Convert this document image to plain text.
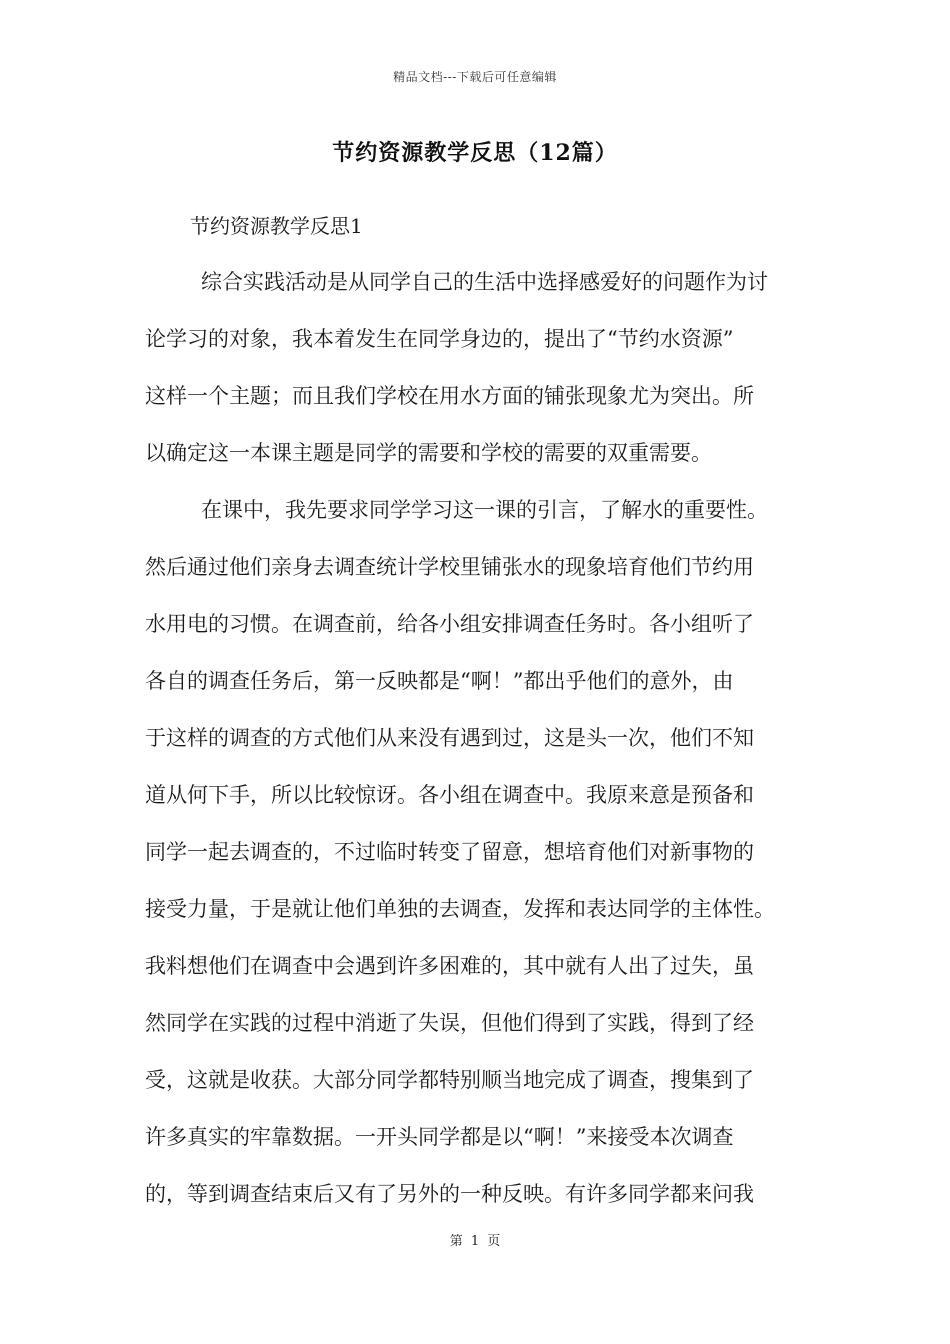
精品文档---下载后可任意编辑
节约资源教学反思（12篇）
节约资源教学反思1
综合实践活动是从同学自己的生活中选择感爱好的问题作为讨
论学习的对象，我本着发生在同学身边的，提出了“节约水资源”
这样一个主题；而且我们学校在用水方面的铺张现象尤为突出。所
以确定这一本课主题是同学的需要和学校的需要的双重需要。
在课中，我先要求同学学习这一课的引言，了解水的重要性。
然后通过他们亲身去调查统计学校里铺张水的现象培育他们节约用
水用电的习惯。在调查前，给各小组安排调查任务时。各小组听了
各自的调查任务后，第一反映都是“啊！”都出乎他们的意外，由
于这样的调查的方式他们从来没有遇到过，这是头一次，他们不知
道从何下手，所以比较惊讶。各小组在调查中。我原来意是预备和
同学一起去调查的，不过临时转变了留意，想培育他们对新事物的
接受力量，于是就让他们单独的去调查，发挥和表达同学的主体性。
我料想他们在调查中会遇到许多困难的，其中就有人出了过失，虽
然同学在实践的过程中消逝了失误，但他们得到了实践，得到了经
受，这就是收获。大部分同学都特别顺当地完成了调查，搜集到了
许多真实的牢靠数据。一开头同学都是以“啊！”来接受本次调查
的，等到调查结束后又有了另外的一种反映。有许多同学都来问我
第 1 页
